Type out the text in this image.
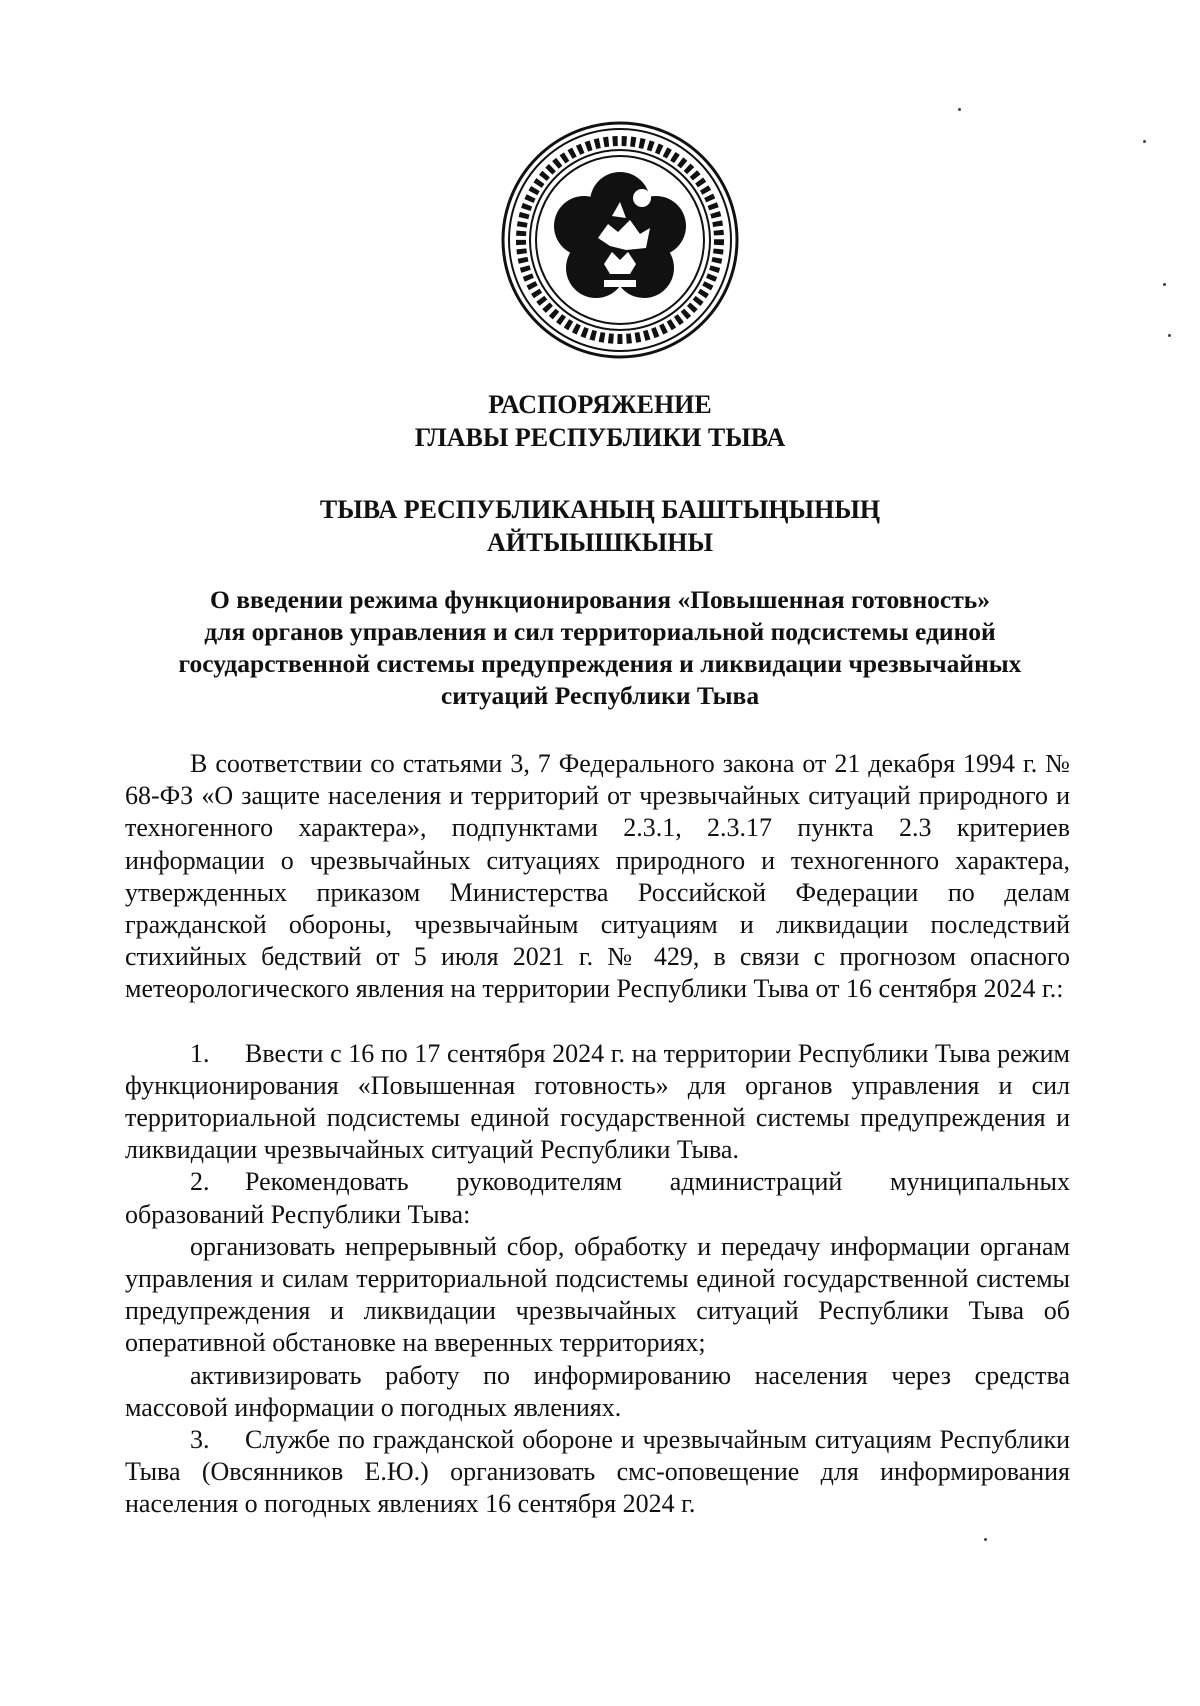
РАСПОРЯЖЕНИЕ
ГЛАВЫ РЕСПУБЛИКИ ТЫВА
ТЫВА РЕСПУБЛИКАНЫҢ БАШТЫҢЫНЫҢ
АЙТЫЫШКЫНЫ
О введении режима функционирования «Повышенная готовность»
для органов управления и сил территориальной подсистемы единой
государственной системы предупреждения и ликвидации чрезвычайных
ситуаций Республики Тыва

В соответствии со статьями 3, 7 Федерального закона от 21 декабря 1994 г. № 68-ФЗ «О защите населения и территорий от чрезвычайных ситуаций природного и техногенного характера», подпунктами 2.3.1, 2.3.17 пункта 2.3 критериев информации о чрезвычайных ситуациях природного и техногенного характера, утвержденных приказом Министерства Российской Федерации по делам гражданской обороны, чрезвычайным ситуациям и ликвидации последствий стихийных бедствий от 5 июля 2021 г. № 429, в связи с прогнозом опасного метеорологического явления на территории Республики Тыва от 16 сентября 2024 г.:

1. Ввести с 16 по 17 сентября 2024 г. на территории Республики Тыва режим функционирования «Повышенная готовность» для органов управления и сил территориальной подсистемы единой государственной системы предупреждения и ликвидации чрезвычайных ситуаций Республики Тыва.

2. Рекомендовать руководителям администраций муниципальных образований Республики Тыва:

организовать непрерывный сбор, обработку и передачу информации органам управления и силам территориальной подсистемы единой государственной системы предупреждения и ликвидации чрезвычайных ситуаций Республики Тыва об оперативной обстановке на вверенных территориях;

активизировать работу по информированию населения через средства массовой информации о погодных явлениях.

3. Службе по гражданской обороне и чрезвычайным ситуациям Республики Тыва (Овсянников Е.Ю.) организовать смс-оповещение для информирования населения о погодных явлениях 16 сентября 2024 г.
